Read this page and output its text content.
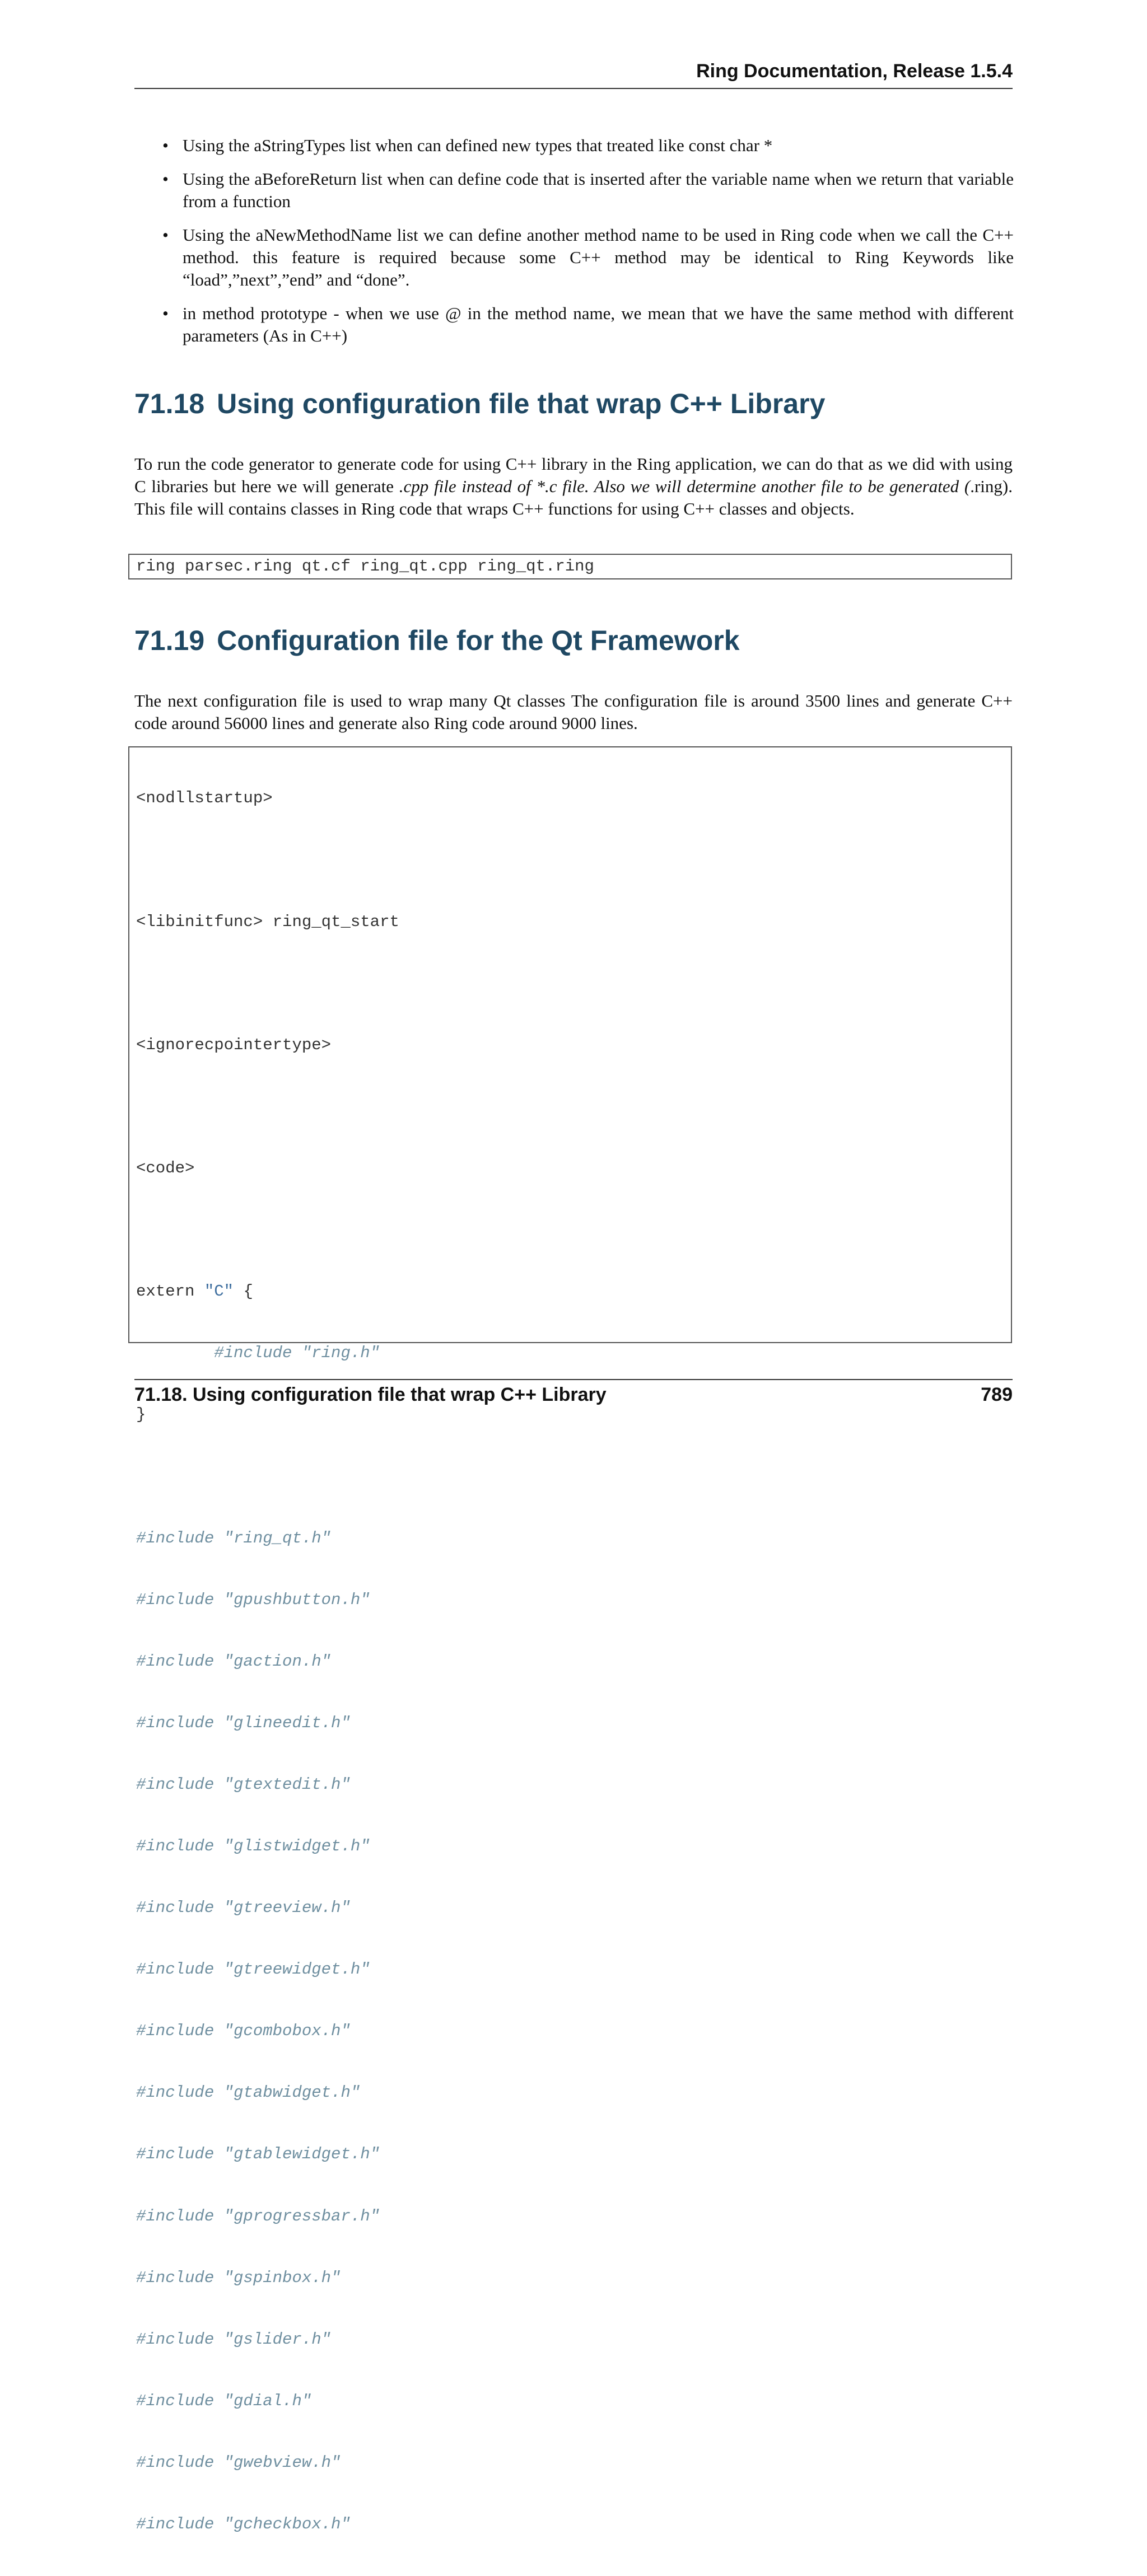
Ring Documentation, Release 1.5.4
• Using the aStringTypes list when can defined new types that treated like const char *
• Using the aBeforeReturn list when can define code that is inserted after the variable name when we return that variable from a function
• Using the aNewMethodName list we can define another method name to be used in Ring code when we call the C++ method. this feature is required because some C++ method may be identical to Ring Keywords like “load”,”next”,”end” and “done”.
• in method prototype - when we use @ in the method name, we mean that we have the same method with different parameters (As in C++)
71.18 Using configuration file that wrap C++ Library

To run the code generator to generate code for using C++ library in the Ring application, we can do that as we did with using C libraries but here we will generate .cpp file instead of *.c file. Also we will determine another file to be generated (.ring). This file will contains classes in Ring code that wraps C++ functions for using C++ classes and objects.

ring parsec.ring qt.cf ring_qt.cpp ring_qt.ring
71.19 Configuration file for the Qt Framework

The next configuration file is used to wrap many Qt classes The configuration file is around 3500 lines and generate C++ code around 56000 lines and generate also Ring code around 9000 lines.

<nodllstartup>

<libinitfunc> ring_qt_start

<ignorecpointertype>

<code>

extern "C" {

#include "ring.h"

}

#include "ring_qt.h"

#include "gpushbutton.h"

#include "gaction.h"

#include "glineedit.h"

#include "gtextedit.h"

#include "glistwidget.h"

#include "gtreeview.h"

#include "gtreewidget.h"

#include "gcombobox.h"

#include "gtabwidget.h"

#include "gtablewidget.h"

#include "gprogressbar.h"

#include "gspinbox.h"

#include "gslider.h"

#include "gdial.h"

#include "gwebview.h"

#include "gcheckbox.h"

71.18. Using configuration file that wrap C++ Library	789
